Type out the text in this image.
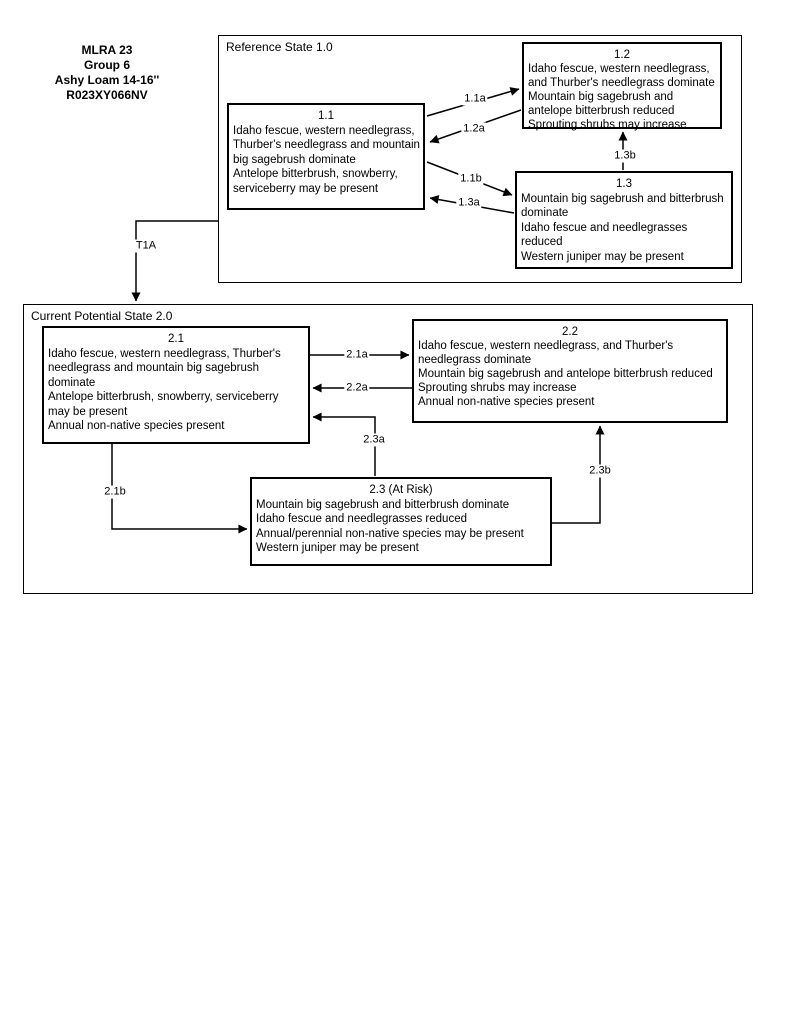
MLRA 23
Group 6
Ashy Loam 14-16''
R023XY066NV
Reference State 1.0
1.1
Idaho fescue, western needlegrass,
Thurber's needlegrass and mountain
big sagebrush dominate
Antelope bitterbrush, snowberry,
serviceberry may be present
1.2
Idaho fescue, western needlegrass,
and Thurber's needlegrass dominate
Mountain big sagebrush and
antelope bitterbrush reduced
Sprouting shrubs may increase
1.3
Mountain big sagebrush and bitterbrush
dominate
Idaho fescue and needlegrasses
reduced
Western juniper may be present
Current Potential State 2.0
2.1
Idaho fescue, western needlegrass, Thurber's
needlegrass and mountain big sagebrush
dominate
Antelope bitterbrush, snowberry, serviceberry
may be present
Annual non-native species present
2.2
Idaho fescue, western needlegrass, and Thurber's
needlegrass dominate
Mountain big sagebrush and antelope bitterbrush reduced
Sprouting shrubs may increase
Annual non-native species present
2.3 (At Risk)
Mountain big sagebrush and bitterbrush dominate
Idaho fescue and needlegrasses reduced
Annual/perennial non-native species may be present
Western juniper may be present
1.1a
1.2a
1.1b
1.3a
1.3b
T1A
2.1a
2.2a
2.3a
2.1b
2.3b
